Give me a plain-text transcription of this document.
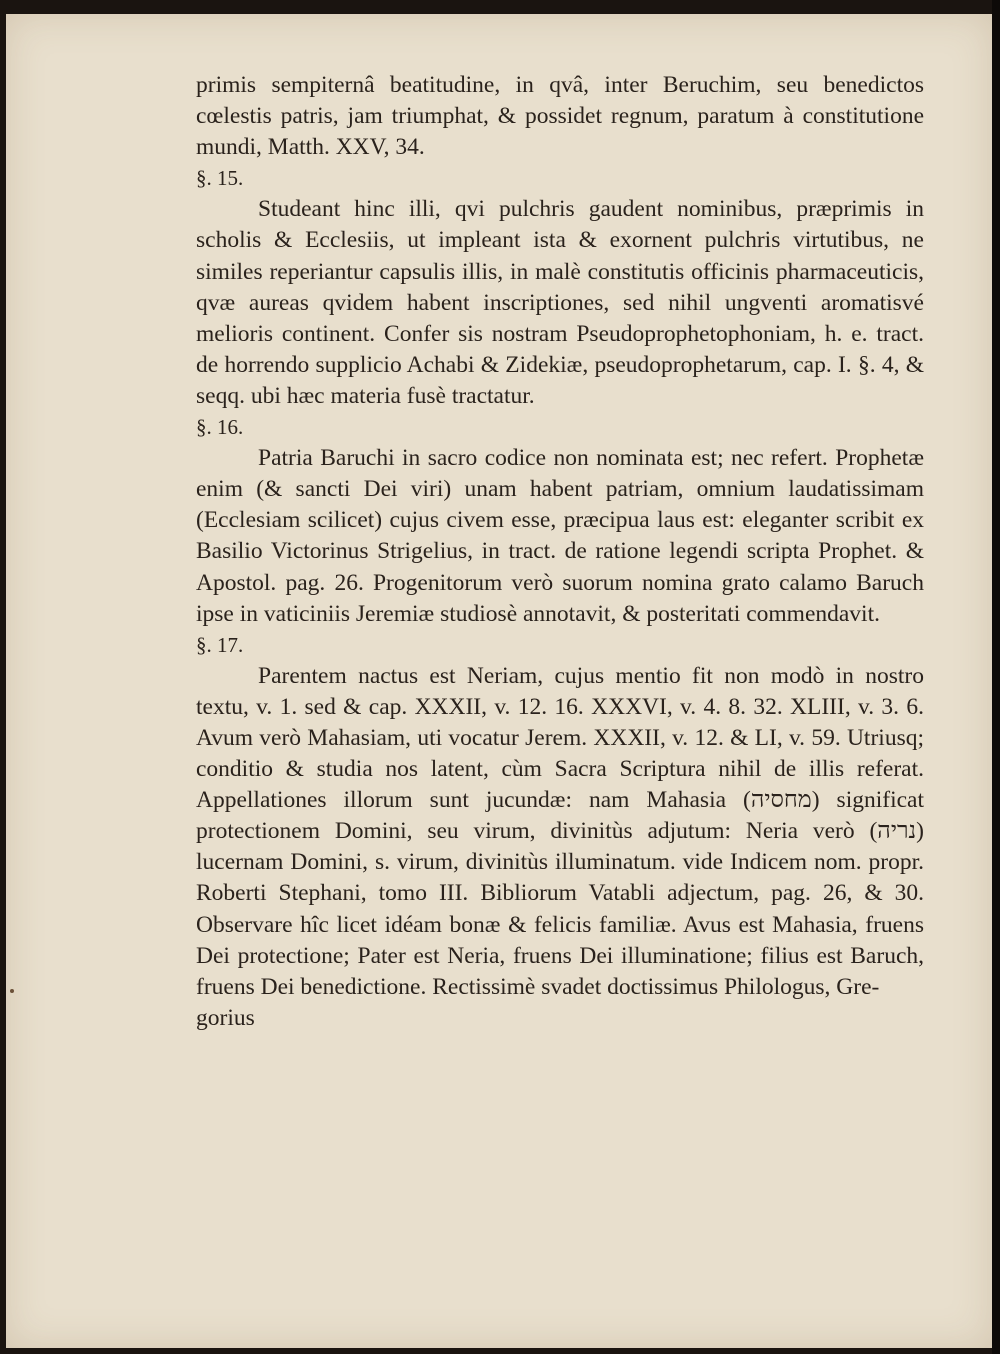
primis sempiternâ beatitudine, in qvâ, inter Beruchim, seu benedictos cœlestis patris, jam triumphat, & possidet regnum, paratum à constitutione mundi, Matth. XXV, 34.

§. 15.

Studeant hinc illi, qvi pulchris gaudent nominibus, præprimis in scholis & Ecclesiis, ut impleant ista & exornent pulchris virtutibus, ne similes reperiantur capsulis illis, in malè constitutis officinis pharmaceuticis, qvæ aureas qvidem habent inscriptiones, sed nihil ungventi aromatisvé melioris continent. Confer sis nostram Pseudoprophetophoniam, h. e. tract. de horrendo supplicio Achabi & Zidekiæ, pseudoprophetarum, cap. I. §. 4, & seqq. ubi hæc materia fusè tractatur.

§. 16.

Patria Baruchi in sacro codice non nominata est; nec refert. Prophetæ enim (& sancti Dei viri) unam habent patriam, omnium laudatissimam (Ecclesiam scilicet) cujus civem esse, præcipua laus est: eleganter scribit ex Basilio Victorinus Strigelius, in tract. de ratione legendi scripta Prophet. & Apostol. pag. 26. Progenitorum verò suorum nomina grato calamo Baruch ipse in vaticiniis Jeremiæ studiosè annotavit, & posteritati commendavit.

§. 17.

Parentem nactus est Neriam, cujus mentio fit non modò in nostro textu, v. 1. sed & cap. XXXII, v. 12. 16. XXXVI, v. 4. 8. 32. XLIII, v. 3. 6. Avum verò Mahasiam, uti vocatur Jerem. XXXII, v. 12. & LI, v. 59. Utriusq; conditio & studia nos latent, cùm Sacra Scriptura nihil de illis referat. Appellationes illorum sunt jucundæ: nam Mahasia (מחסיה) significat protectionem Domini, seu virum, divinitùs adjutum: Neria verò (נריה) lucernam Domini, s. virum, divinitùs illuminatum. vide Indicem nom. propr. Roberti Stephani, tomo III. Bibliorum Vatabli adjectum, pag. 26, & 30. Observare hîc licet idéam bonæ & felicis familiæ. Avus est Mahasia, fruens Dei protectione; Pater est Neria, fruens Dei illuminatione; filius est Baruch, fruens Dei benedictione. Rectissimè svadet doctissimus Philologus, Gre-

gorius
